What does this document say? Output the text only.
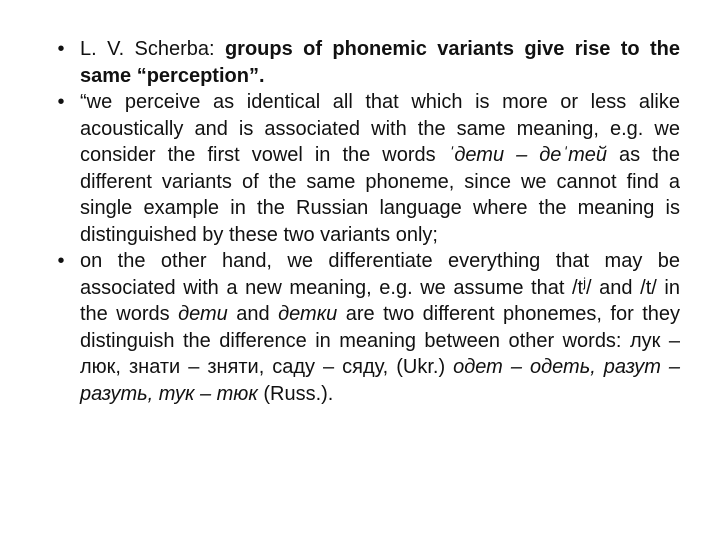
• L. V. Scherba: groups of phonemic variants give rise to the same “perception”.
• “we perceive as identical all that which is more or less alike acoustically and is associated with the same meaning, e.g. we consider the first vowel in the words ˈдети – деˈтей as the different variants of the same phoneme, since we cannot find a single example in the Russian language where the meaning is distinguished by these two variants only;
• on the other hand, we differentiate everything that may be associated with a new meaning, e.g. we assume that $/t^j/$ and /t/ in the words дети and детки are two different phonemes, for they distinguish the difference in meaning between other words: лук – люк, знати – зняти, саду – сяду, (Ukr.) одет – одеть, разут – разуть, тук – тюк (Russ.).
